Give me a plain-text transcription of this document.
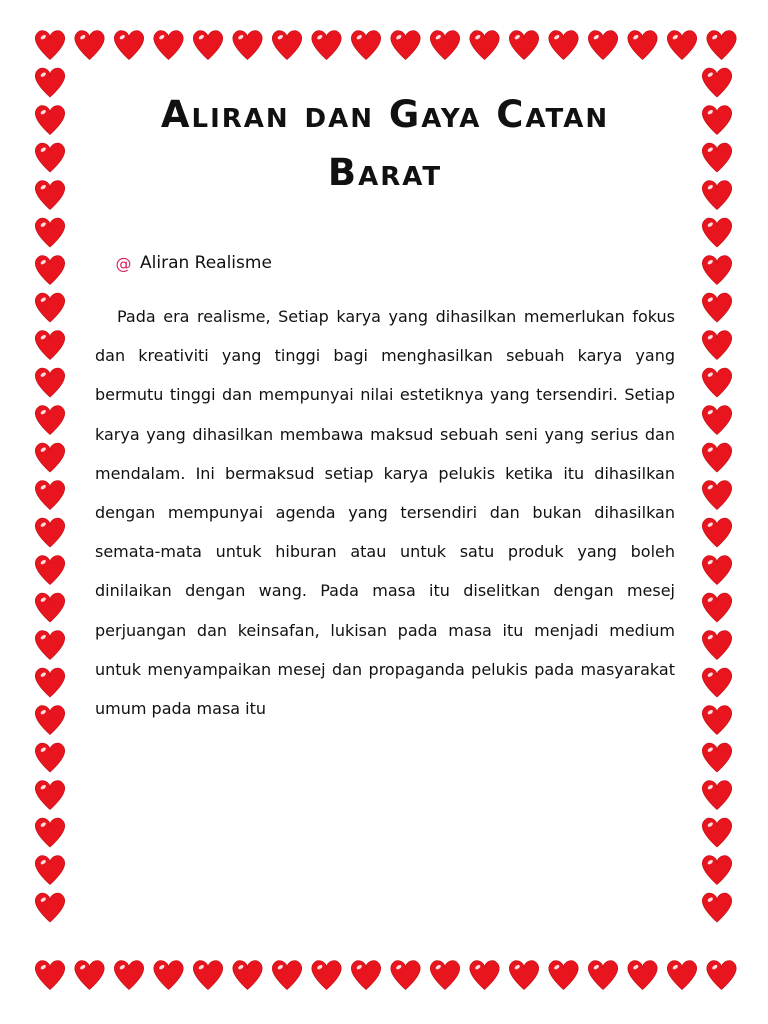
Aliran dan Gaya Catan
Barat
@ Aliran Realisme

Pada era realisme, Setiap karya yang dihasilkan memerlukan fokus dan kreativiti yang tinggi bagi menghasilkan sebuah karya yang bermutu tinggi dan mempunyai nilai estetiknya yang tersendiri. Setiap karya yang dihasilkan membawa maksud sebuah seni yang serius dan mendalam. Ini bermaksud setiap karya pelukis ketika itu dihasilkan dengan mempunyai agenda yang tersendiri dan bukan dihasilkan semata-mata untuk hiburan atau untuk satu produk yang boleh dinilaikan dengan wang. Pada masa itu diselitkan dengan mesej perjuangan dan keinsafan, lukisan pada masa itu menjadi medium untuk menyampaikan mesej dan propaganda pelukis pada masyarakat umum pada masa itu
